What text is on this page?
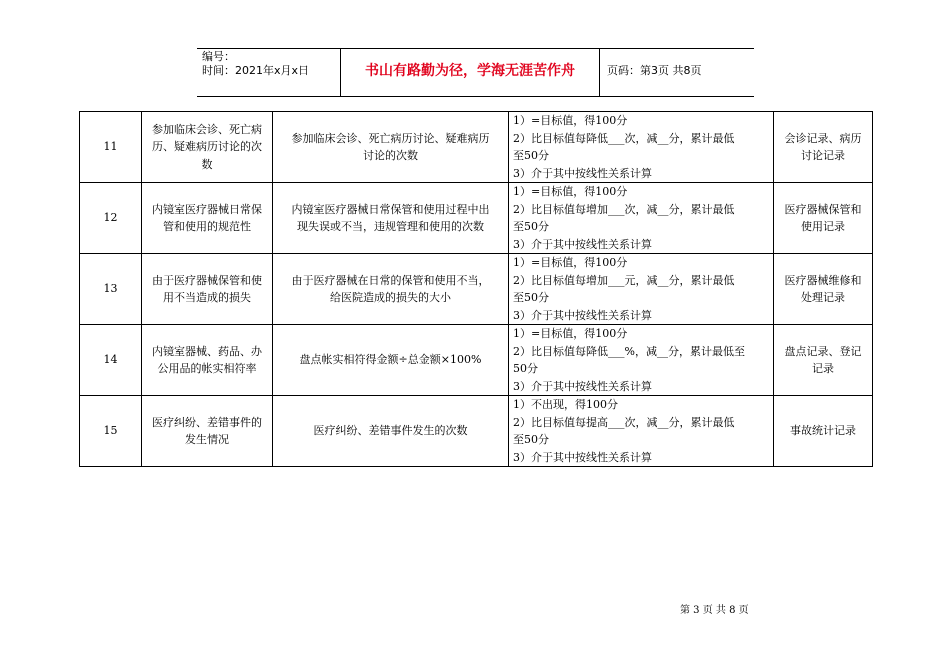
编号：
时间：2021年x月x日	书山有路勤为径，学海无涯苦作舟	页码：第3页 共8页
11	参加临床会诊、死亡病
历、疑难病历讨论的次
数	参加临床会诊、死亡病历讨论、疑难病历
讨论的次数	1）=目标值，得100分
2）比目标值每降低___次，减__分，累计最低
至50分
3）介于其中按线性关系计算	会诊记录、病历
讨论记录

12	内镜室医疗器械日常保
管和使用的规范性	内镜室医疗器械日常保管和使用过程中出
现失误或不当，违规管理和使用的次数	1）=目标值，得100分
2）比目标值每增加___次，减__分，累计最低
至50分
3）介于其中按线性关系计算	医疗器械保管和
使用记录

13	由于医疗器械保管和使
用不当造成的损失	由于医疗器械在日常的保管和使用不当，
给医院造成的损失的大小	1）=目标值，得100分
2）比目标值每增加___元，减__分，累计最低
至50分
3）介于其中按线性关系计算	医疗器械维修和
处理记录

14	内镜室器械、药品、办
公用品的帐实相符率	盘点帐实相符得金额÷总金额×100%	1）=目标值，得100分
2）比目标值每降低___%，减__分，累计最低至
50分
3）介于其中按线性关系计算	盘点记录、登记
记录

15	医疗纠纷、差错事件的
发生情况	医疗纠纷、差错事件发生的次数	1）不出现，得100分
2）比目标值每提高___次，减__分，累计最低
至50分
3）介于其中按线性关系计算	事故统计记录
第 3 页 共 8 页
